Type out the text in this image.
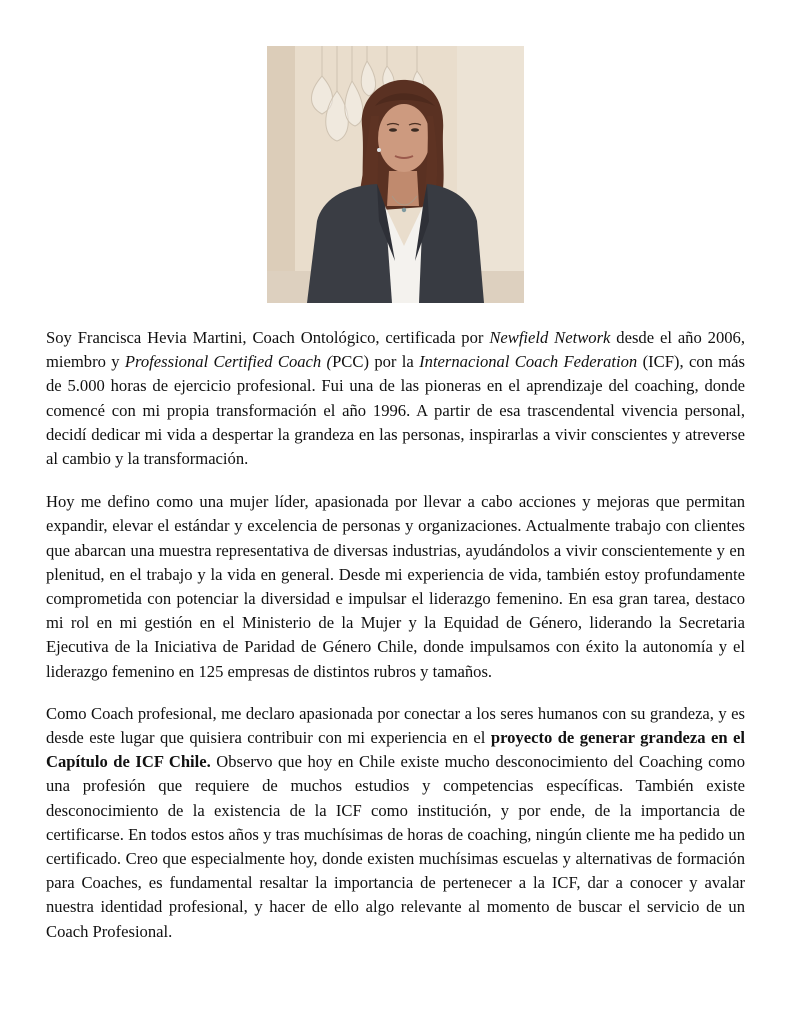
Soy Francisca Hevia Martini, Coach Ontológico, certificada por Newfield Network desde el año 2006, miembro y Professional Certified Coach (PCC) por la Internacional Coach Federation (ICF), con más de 5.000 horas de ejercicio profesional. Fui una de las pioneras en el aprendizaje del coaching, donde comencé con mi propia transformación el año 1996. A partir de esa trascendental vivencia personal, decidí dedicar mi vida a despertar la grandeza en las personas, inspirarlas a vivir conscientes y atreverse al cambio y la transformación.

Hoy me defino como una mujer líder, apasionada por llevar a cabo acciones y mejoras que permitan expandir, elevar el estándar y excelencia de personas y organizaciones. Actualmente trabajo con clientes que abarcan una muestra representativa de diversas industrias, ayudándolos a vivir conscientemente y en plenitud, en el trabajo y la vida en general. Desde mi experiencia de vida, también estoy profundamente comprometida con potenciar la diversidad e impulsar el liderazgo femenino. En esa gran tarea, destaco mi rol en mi gestión en el Ministerio de la Mujer y la Equidad de Género, liderando la Secretaria Ejecutiva de la Iniciativa de Paridad de Género Chile, donde impulsamos con éxito la autonomía y el liderazgo femenino en 125 empresas de distintos rubros y tamaños.

Como Coach profesional, me declaro apasionada por conectar a los seres humanos con su grandeza, y es desde este lugar que quisiera contribuir con mi experiencia en el proyecto de generar grandeza en el Capítulo de ICF Chile. Observo que hoy en Chile existe mucho desconocimiento del Coaching como una profesión que requiere de muchos estudios y competencias específicas. También existe desconocimiento de la existencia de la ICF como institución, y por ende, de la importancia de certificarse. En todos estos años y tras muchísimas de horas de coaching, ningún cliente me ha pedido un certificado. Creo que especialmente hoy, donde existen muchísimas escuelas y alternativas de formación para Coaches, es fundamental resaltar la importancia de pertenecer a la ICF, dar a conocer y avalar nuestra identidad profesional, y hacer de ello algo relevante al momento de buscar el servicio de un Coach Profesional.
